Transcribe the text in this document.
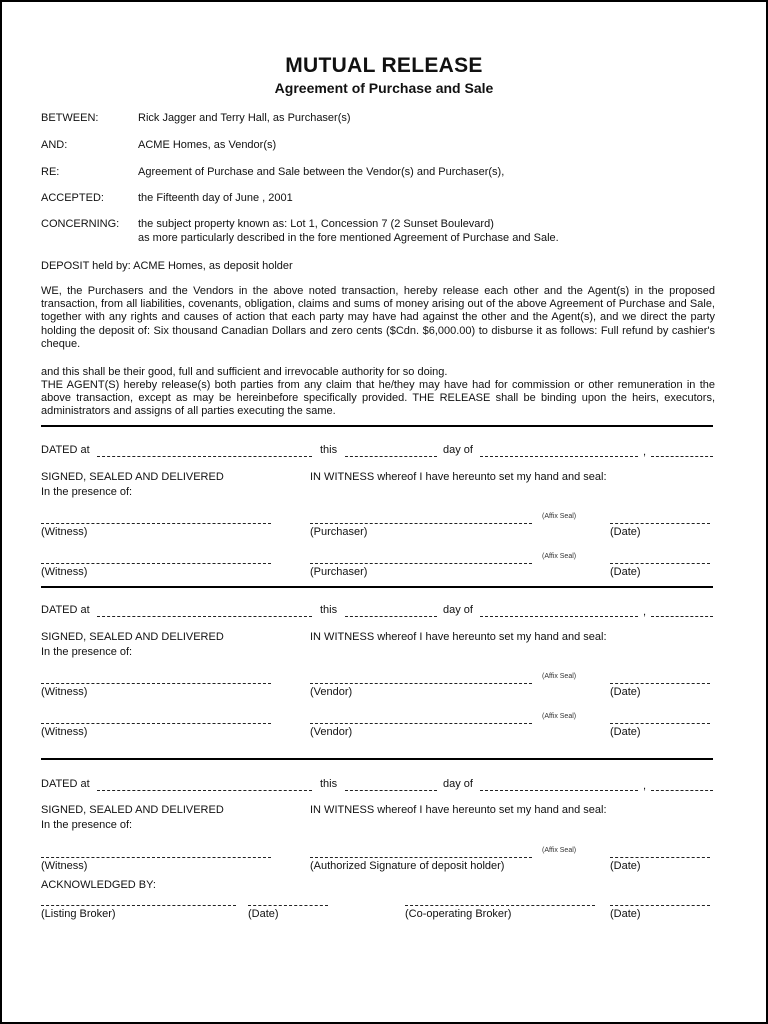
MUTUAL RELEASE
Agreement of Purchase and Sale
BETWEEN:	Rick Jagger and Terry Hall, as Purchaser(s)
AND:	ACME Homes, as Vendor(s)
RE:	Agreement of Purchase and Sale between the Vendor(s) and Purchaser(s),
ACCEPTED:	the Fifteenth day of June , 2001
CONCERNING: the subject property known as: Lot 1, Concession 7 (2 Sunset Boulevard)
as more particularly described in the fore mentioned Agreement of Purchase and Sale.
DEPOSIT held by: ACME Homes, as deposit holder

WE, the Purchasers and the Vendors in the above noted transaction, hereby release each other and the Agent(s) in the proposed transaction, from all liabilities, covenants, obligation, claims and sums of money arising out of the above Agreement of Purchase and Sale, together with any rights and causes of action that each party may have had against the other and the Agent(s), and we direct the party holding the deposit of: Six thousand Canadian Dollars and zero cents ($Cdn. $6,000.00) to disburse it as follows: Full refund by cashier's cheque.

and this shall be their good, full and sufficient and irrevocable authority for so doing.

THE AGENT(S) hereby release(s) both parties from any claim that he/they may have had for commission or other remuneration in the above transaction, except as may be hereinbefore specifically provided. THE RELEASE shall be binding upon the heirs, executors, administrators and assigns of all parties executing the same.

DATED at	this	day of	,
SIGNED, SEALED AND DELIVERED
In the presence of:
IN WITNESS whereof I have hereunto set my hand and seal:
(Affix Seal)
(Witness)	(Purchaser)	(Date)
(Affix Seal)
(Witness)	(Purchaser)	(Date)
DATED at	this	day of	,
SIGNED, SEALED AND DELIVERED
In the presence of:
IN WITNESS whereof I have hereunto set my hand and seal:
(Affix Seal)
(Witness)	(Vendor)	(Date)
(Affix Seal)
(Witness)	(Vendor)	(Date)
DATED at	this	day of	,
SIGNED, SEALED AND DELIVERED
In the presence of:
IN WITNESS whereof I have hereunto set my hand and seal:
(Affix Seal)
(Witness)	(Authorized Signature of deposit holder)	(Date)
ACKNOWLEDGED BY:
(Listing Broker)	(Date)	(Co-operating Broker)	(Date)
